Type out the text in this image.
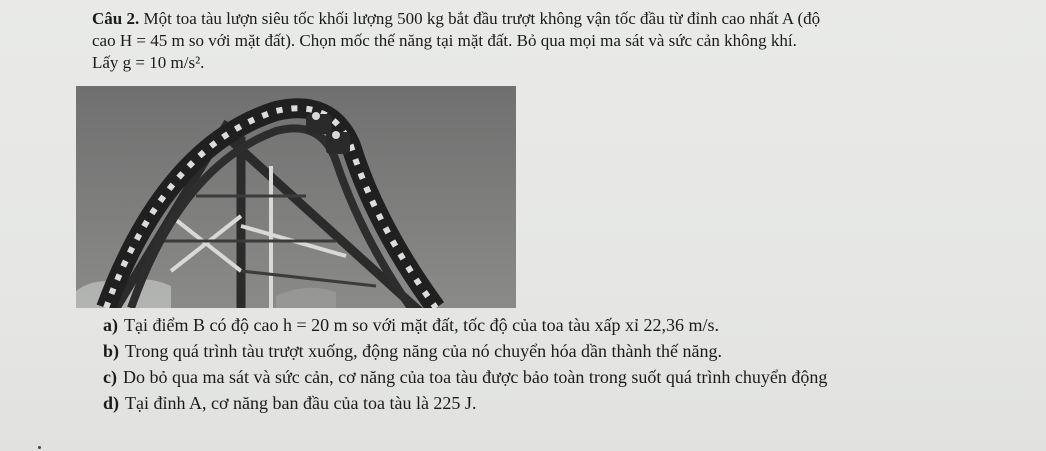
Câu 2. Một toa tàu lượn siêu tốc khối lượng 500 kg bắt đầu trượt không vận tốc đầu từ đỉnh cao nhất A (độ
cao H = 45 m so với mặt đất). Chọn mốc thế năng tại mặt đất. Bỏ qua mọi ma sát và sức cản không khí.
Lấy g = 10 m/s².
a) Tại điểm B có độ cao h = 20 m so với mặt đất, tốc độ của toa tàu xấp xỉ 22,36 m/s.
b) Trong quá trình tàu trượt xuống, động năng của nó chuyển hóa dần thành thế năng.
c) Do bỏ qua ma sát và sức cản, cơ năng của toa tàu được bảo toàn trong suốt quá trình chuyển động
d) Tại đỉnh A, cơ năng ban đầu của toa tàu là 225 J.
